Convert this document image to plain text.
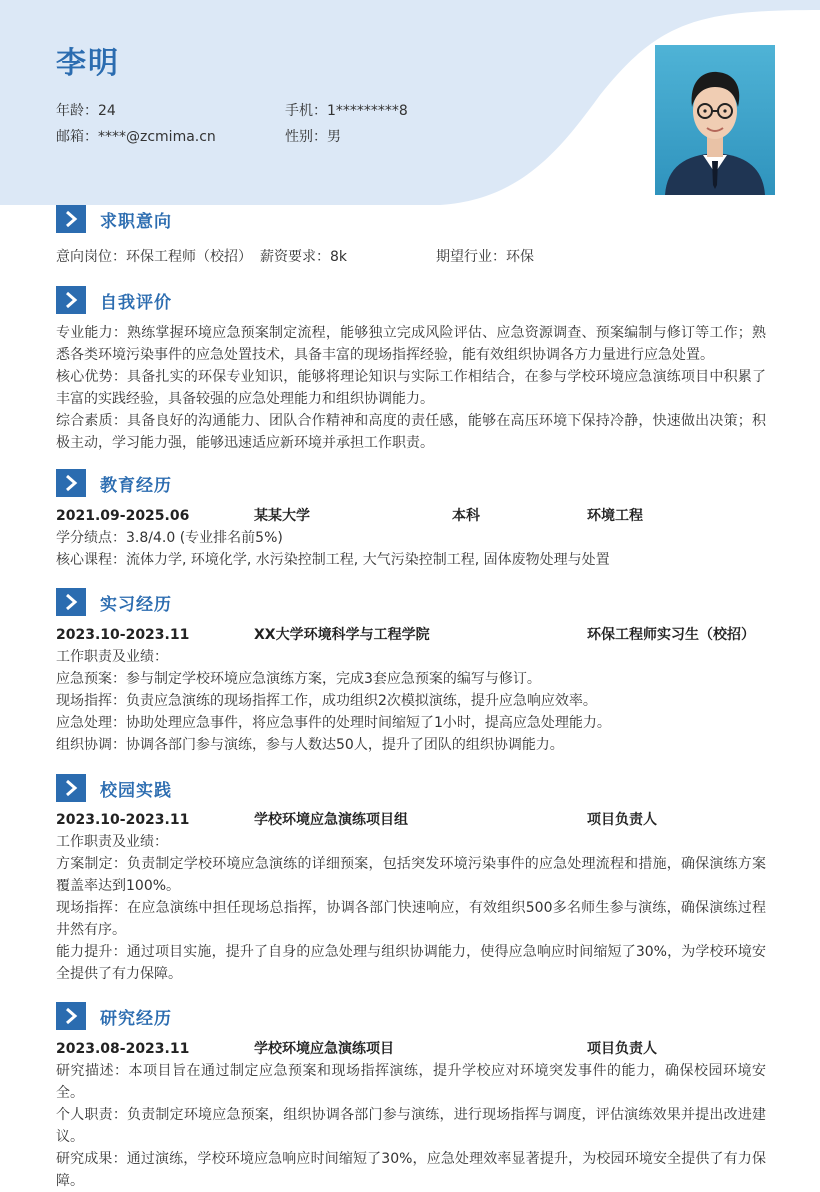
李明
年龄：24	手机：1*********8
邮箱：****@zcmima.cn	性别：男
求职意向
意向岗位：环保工程师（校招） 薪资要求：8k	期望行业：环保
自我评价
专业能力：熟练掌握环境应急预案制定流程，能够独立完成风险评估、应急资源调查、预案编制与修订等工作；熟悉各类环境污染事件的应急处置技术，具备丰富的现场指挥经验，能有效组织协调各方力量进行应急处置。
核心优势：具备扎实的环保专业知识，能够将理论知识与实际工作相结合，在参与学校环境应急演练项目中积累了丰富的实践经验，具备较强的应急处理能力和组织协调能力。
综合素质：具备良好的沟通能力、团队合作精神和高度的责任感，能够在高压环境下保持冷静，快速做出决策；积极主动，学习能力强，能够迅速适应新环境并承担工作职责。
教育经历
2021.09-2025.06	某某大学	本科	环境工程
学分绩点：3.8/4.0 (专业排名前5%)
核心课程：流体力学, 环境化学, 水污染控制工程, 大气污染控制工程, 固体废物处理与处置
实习经历
2023.10-2023.11	XX大学环境科学与工程学院	环保工程师实习生（校招）
工作职责及业绩：
应急预案：参与制定学校环境应急演练方案，完成3套应急预案的编写与修订。
现场指挥：负责应急演练的现场指挥工作，成功组织2次模拟演练，提升应急响应效率。
应急处理：协助处理应急事件，将应急事件的处理时间缩短了1小时，提高应急处理能力。
组织协调：协调各部门参与演练，参与人数达50人，提升了团队的组织协调能力。
校园实践
2023.10-2023.11	学校环境应急演练项目组	项目负责人
工作职责及业绩：
方案制定：负责制定学校环境应急演练的详细预案，包括突发环境污染事件的应急处理流程和措施，确保演练方案覆盖率达到100%。
现场指挥：在应急演练中担任现场总指挥，协调各部门快速响应，有效组织500多名师生参与演练，确保演练过程井然有序。
能力提升：通过项目实施，提升了自身的应急处理与组织协调能力，使得应急响应时间缩短了30%，为学校环境安全提供了有力保障。
研究经历
2023.08-2023.11	学校环境应急演练项目	项目负责人
研究描述：本项目旨在通过制定应急预案和现场指挥演练，提升学校应对环境突发事件的能力，确保校园环境安全。
个人职责：负责制定环境应急预案，组织协调各部门参与演练，进行现场指挥与调度，评估演练效果并提出改进建议。
研究成果：通过演练，学校环境应急响应时间缩短了30%，应急处理效率显著提升，为校园环境安全提供了有力保障。
